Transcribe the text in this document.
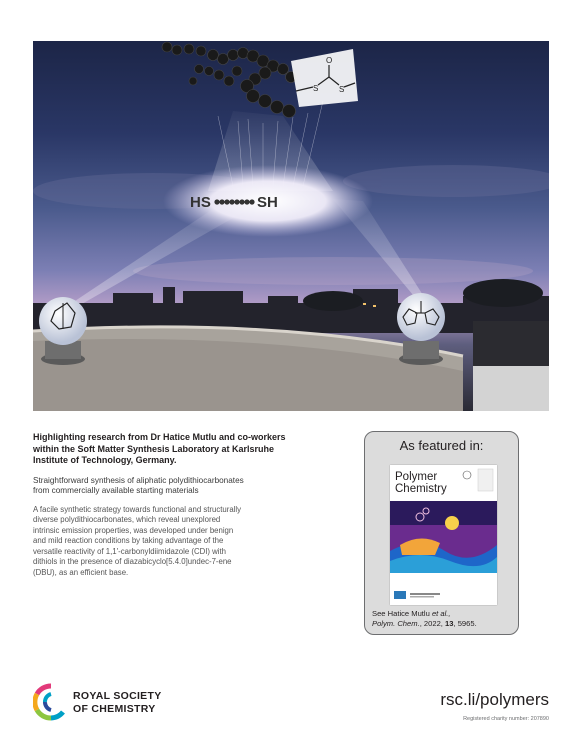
HS	SH
S	S
O
Highlighting research from Dr Hatice Mutlu and co-workers
within the Soft Matter Synthesis Laboratory at Karlsruhe
Institute of Technology, Germany.
Straightforward synthesis of aliphatic polydithiocarbonates
from commercially available starting materials
A facile synthetic strategy towards functional and structurally
diverse polydithiocarbonates, which reveal unexplored
intrinsic emission properties, was developed under benign
and mild reaction conditions by taking advantage of the
versatile reactivity of 1,1'-carbonyldiimidazole (CDI) with
dithiols in the presence of diazabicyclo[5.4.0]undec-7-ene
(DBU), as an efficient base.
As featured in:
Polymer
Chemistry
See Hatice Mutlu et al.,
Polym. Chem., 2022, 13, 5965.
ROYAL SOCIETY
OF CHEMISTRY	rsc.li/polymers
Registered charity number: 207890
